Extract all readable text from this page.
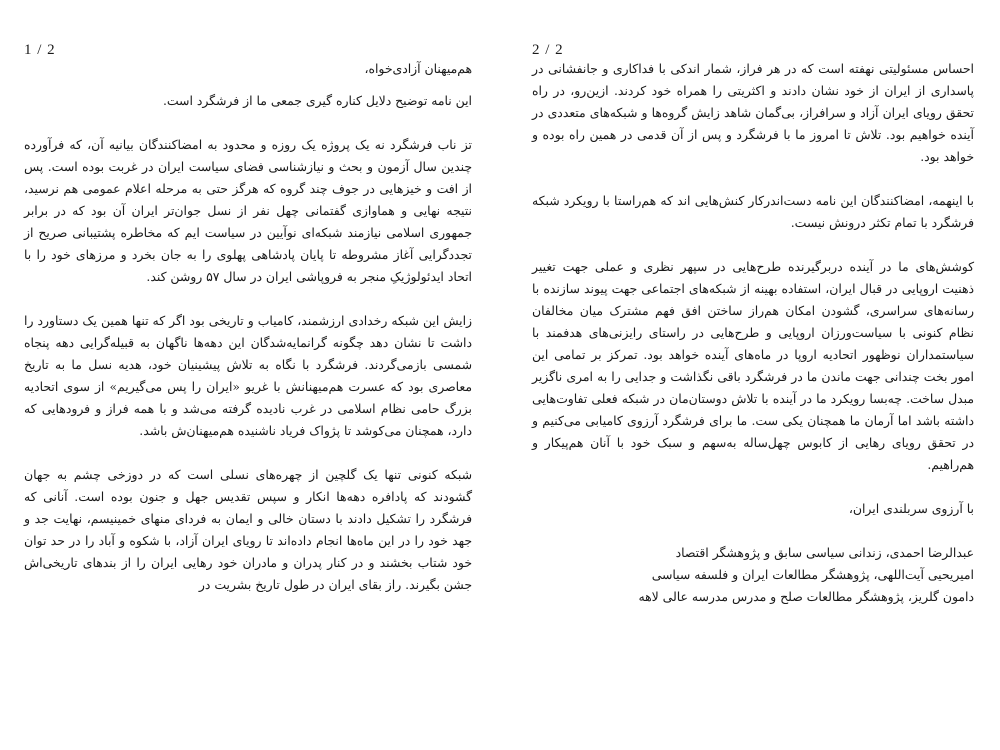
1 / 2

هم‌میهنان آزادی‌خواه،

این نامه توضیح دلایل کناره گیری جمعی ما از فرشگرد است.

تز ناب فرشگرد نه یک پروژه یک روزه و محدود به امضاکنندگان بیانیه آن، که فرآورده چندین سال آزمون و بحث و نیازشناسی فضای سیاست ایران در غربت بوده است. پس از افت و خیزهایی در جوف چند گروه که هرگز حتی به مرحله اعلام عمومی هم نرسید، نتیجه نهایی و هماوازی گفتمانی چهل نفر از نسل جوان‌تر ایران آن بود که در برابر جمهوری اسلامی نیازمند شبکه‌ای نوآیین در سیاست ایم که مخاطره پشتیبانی صریح از تجددگرایی آغاز مشروطه تا پایان پادشاهی پهلوی را به جان بخرد و مرزهای خود را با اتحاد ایدئولوژیکِ منجر به فروپاشی ایران در سال ۵۷ روشن کند.

زایش این شبکه رخدادی ارزشمند، کامیاب و تاریخی بود اگر که تنها همین یک دستاورد را داشت تا نشان دهد چگونه گرانمایه‌شدگان این دهه‌ها ناگهان به قبیله‌گرایی دهه پنجاه شمسی بازمی‌گردند. فرشگرد با نگاه به تلاش پیشینیان خود، هدیه نسل ما به تاریخ معاصری بود که عسرت هم‌میهنانش با غریو «ایران را پس می‌گیریم» از سوی اتحادیه بزرگ حامی نظام اسلامی در غرب نادیده گرفته می‌شد و با همه فراز و فرودهایی که دارد، همچنان می‌کوشد تا پژواک فریاد ناشنیده هم‌میهنان‌ش باشد.

شبکه کنونی تنها یک گلچین از چهره‌های نسلی است که در دوزخی چشم به جهان گشودند که پادافره دهه‌ها انکار و سپس تقدیس جهل و جنون بوده است. آنانی که فرشگرد را تشکیل دادند با دستان خالی و ایمان به فردای منهای خمینیسم، نهایت جد و جهد خود را در این ماه‌ها انجام داده‌اند تا رویای ایران آزاد، با شکوه و آباد را در حد توان خود شتاب بخشند و در کنار پدران و مادران خود رهایی ایران را از بندهای تاریخی‌اش جشن بگیرند. راز بقای ایران در طول تاریخ بشریت در

2 / 2

احساس مسئولیتی نهفته است که در هر فراز، شمار اندکی با فداکاری و جانفشانی در پاسداری از ایران از خود نشان دادند و اکثریتی را همراه خود کردند. ازین‌رو، در راه تحقق رویای ایران آزاد و سرافراز، بی‌گمان شاهد زایش گروه‌ها و شبکه‌های متعددی در آینده خواهیم بود. تلاش تا امروز ما با فرشگرد و پس از آن قدمی در همین راه بوده و خواهد بود.

با اینهمه، امضاکنندگان این نامه دست‌اندرکار کنش‌هایی اند که هم‌راستا با رویکرد شبکه فرشگرد با تمام تکثر درونش نیست.

کوشش‌های ما در آینده دربرگیرنده طرح‌هایی در سپهر نظری و عملی جهت تغییر ذهنیت اروپایی در قبال ایران، استفاده بهینه از شبکه‌های اجتماعی جهت پیوند سازنده با رسانه‌های سراسری، گشودن امکان هم‌راز ساختن افق فهم مشترک میان مخالفان نظام کنونی با سیاست‌ورزان اروپایی و طرح‌هایی در راستای رایزنی‌های هدفمند با سیاستمداران نوظهور اتحادیه اروپا در ماه‌های آینده خواهد بود. تمرکز بر تمامی این امور بخت چندانی جهت ماندن ما در فرشگرد باقی نگذاشت و جدایی را به امری ناگزیر مبدل ساخت. چه‌بسا رویکرد ما در آینده با تلاش دوستان‌مان در شبکه فعلی تفاوت‌هایی داشته باشد اما آرمان ما همچنان یکی ست. ما برای فرشگرد آرزوی کامیابی می‌کنیم و در تحقق رویای رهایی از کابوس چهل‌ساله به‌سهم و سبک خود با آنان هم‌پیکار و هم‌راهیم.

با آرزوی سربلندی ایران،

عبدالرضا احمدی، زندانی سیاسی سابق و پژوهشگر اقتصاد
امیریحیی آیت‌اللهی، پژوهشگر مطالعات ایران و فلسفه سیاسی
دامون گلریز، پژوهشگر مطالعات صلح و مدرس مدرسه عالی لاهه
